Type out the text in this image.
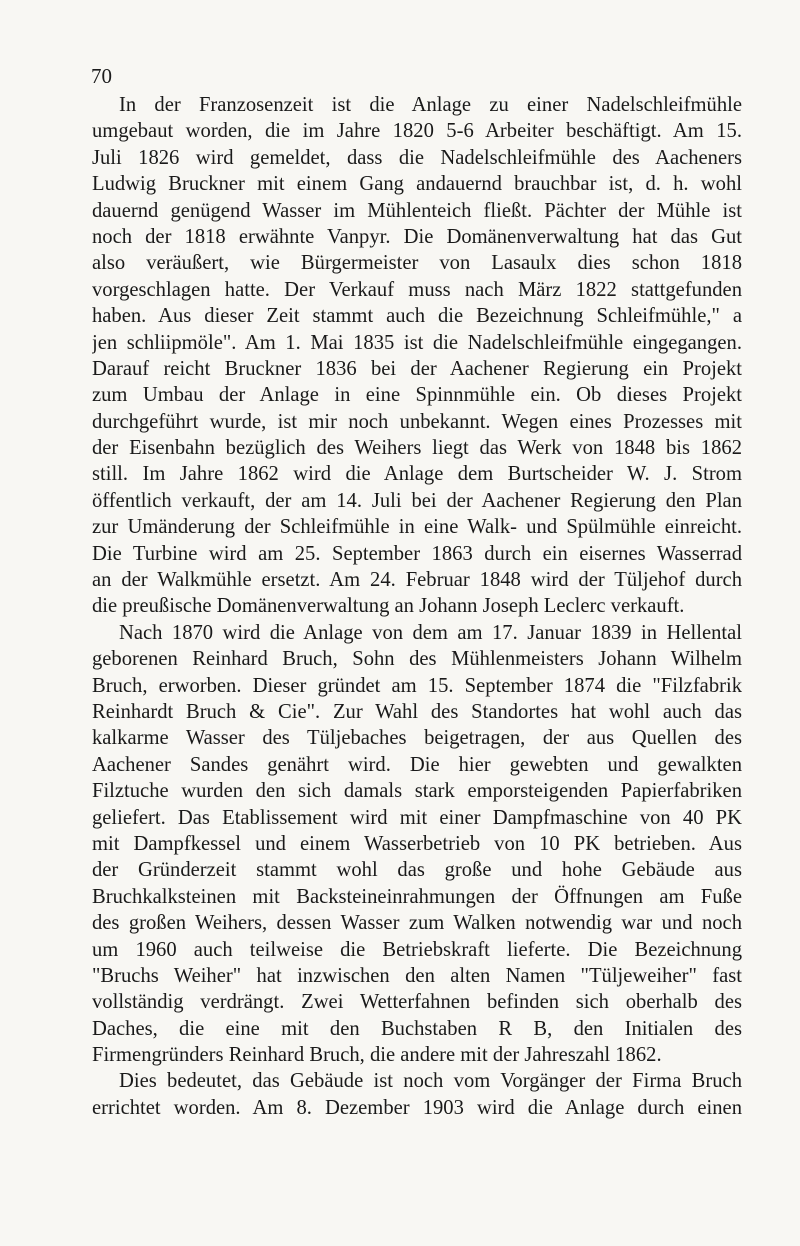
70
In der Franzosenzeit ist die Anlage zu einer Nadelschleifmühle
umgebaut worden, die im Jahre 1820 5-6 Arbeiter beschäftigt. Am 15.
Juli 1826 wird gemeldet, dass die Nadelschleifmühle des Aacheners
Ludwig Bruckner mit einem Gang andauernd brauchbar ist, d. h. wohl
dauernd genügend Wasser im Mühlenteich fließt. Pächter der Mühle ist
noch der 1818 erwähnte Vanpyr. Die Domänenverwaltung hat das Gut
also veräußert, wie Bürgermeister von Lasaulx dies schon 1818
vorgeschlagen hatte. Der Verkauf muss nach März 1822 stattgefunden
haben. Aus dieser Zeit stammt auch die Bezeichnung Schleifmühle," a
jen schliipmöle". Am 1. Mai 1835 ist die Nadelschleifmühle eingegangen.
Darauf reicht Bruckner 1836 bei der Aachener Regierung ein Projekt
zum Umbau der Anlage in eine Spinnmühle ein. Ob dieses Projekt
durchgeführt wurde, ist mir noch unbekannt. Wegen eines Prozesses mit
der Eisenbahn bezüglich des Weihers liegt das Werk von 1848 bis 1862
still. Im Jahre 1862 wird die Anlage dem Burtscheider W. J. Strom
öffentlich verkauft, der am 14. Juli bei der Aachener Regierung den Plan
zur Umänderung der Schleifmühle in eine Walk- und Spülmühle einreicht.
Die Turbine wird am 25. September 1863 durch ein eisernes Wasserrad
an der Walkmühle ersetzt. Am 24. Februar 1848 wird der Tüljehof durch
die preußische Domänenverwaltung an Johann Joseph Leclerc verkauft.
Nach 1870 wird die Anlage von dem am 17. Januar 1839 in Hellental
geborenen Reinhard Bruch, Sohn des Mühlenmeisters Johann Wilhelm
Bruch, erworben. Dieser gründet am 15. September 1874 die "Filzfabrik
Reinhardt Bruch & Cie". Zur Wahl des Standortes hat wohl auch das
kalkarme Wasser des Tüljebaches beigetragen, der aus Quellen des
Aachener Sandes genährt wird. Die hier gewebten und gewalkten
Filztuche wurden den sich damals stark emporsteigenden Papierfabriken
geliefert. Das Etablissement wird mit einer Dampfmaschine von 40 PK
mit Dampfkessel und einem Wasserbetrieb von 10 PK betrieben. Aus
der Gründerzeit stammt wohl das große und hohe Gebäude aus
Bruchkalksteinen mit Backsteineinrahmungen der Öffnungen am Fuße
des großen Weihers, dessen Wasser zum Walken notwendig war und noch
um 1960 auch teilweise die Betriebskraft lieferte. Die Bezeichnung
"Bruchs Weiher" hat inzwischen den alten Namen "Tüljeweiher" fast
vollständig verdrängt. Zwei Wetterfahnen befinden sich oberhalb des
Daches, die eine mit den Buchstaben R B, den Initialen des
Firmengründers Reinhard Bruch, die andere mit der Jahreszahl 1862.
Dies bedeutet, das Gebäude ist noch vom Vorgänger der Firma Bruch
errichtet worden. Am 8. Dezember 1903 wird die Anlage durch einen
